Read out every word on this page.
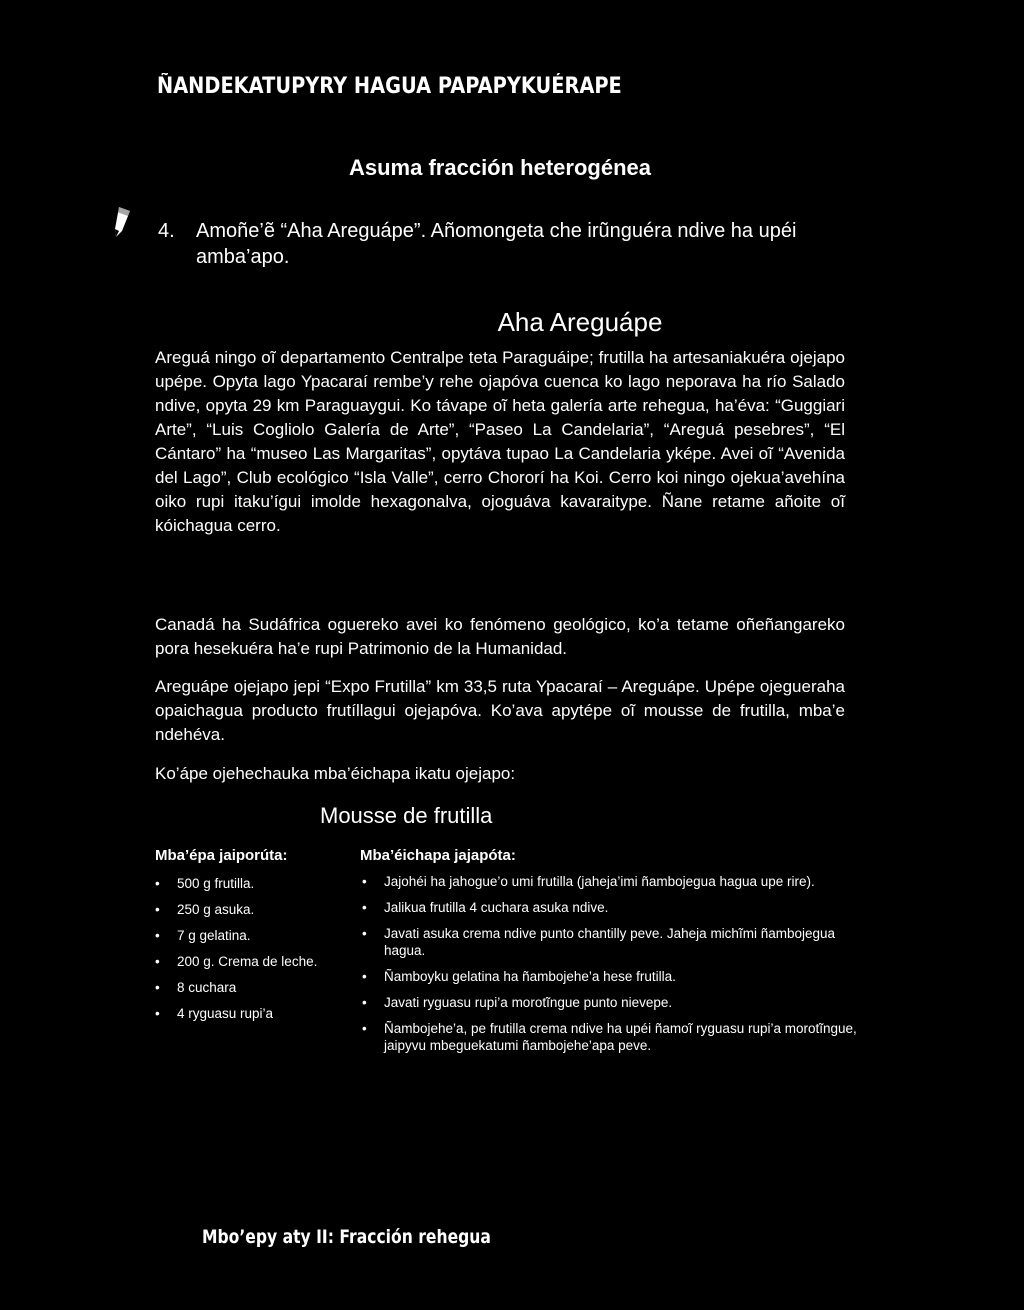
ÑANDEKATUPYRY HAGUA PAPAPYKUÉRAPE
Asuma fracción heterogénea
4. Amoñe’ẽ “Aha Areguápe”. Añomongeta che irũnguéra ndive ha upéi
amba’apo.
Aha Areguápe

Areguá ningo oĩ departamento Centralpe teta Paraguáipe; frutilla ha artesaniakuéra ojejapo upépe. Opyta lago Ypacaraí rembe’y rehe ojapóva cuenca ko lago neporava ha río Salado ndive, opyta 29 km Paraguaygui. Ko távape oĩ heta galería arte rehegua, ha’éva: “Guggiari Arte”, “Luis Cogliolo Galería de Arte”, “Paseo La Candelaria”, “Areguá pesebres”, “El Cántaro” ha “museo Las Margaritas”, opytáva tupao La Candelaria yképe. Avei oĩ “Avenida del Lago”, Club ecológico “Isla Valle”, cerro Chororí ha Koi. Cerro koi ningo ojekua’avehína oiko rupi itaku’ígui imolde hexagonalva, ojoguáva kavaraitype. Ñane retame añoite oĩ kóichagua cerro.

Canadá ha Sudáfrica oguereko avei ko fenómeno geológico, ko’a tetame oñeñangareko pora hesekuéra ha’e rupi Patrimonio de la Humanidad.

Areguápe ojejapo jepi “Expo Frutilla” km 33,5 ruta Ypacaraí – Areguápe. Upépe ojegueraha opaichagua producto frutíllagui ojejapóva. Ko’ava apytépe oĩ mousse de frutilla, mba’e ndehéva.

Ko’ápe ojehechauka mba’éichapa ikatu ojejapo:

Mousse de frutilla
Mba’épa jaiporúta:	Mba’éichapa jajapóta:
• 500 g frutilla.
• 250 g asuka.
• 7 g gelatina.
• 200 g. Crema de leche.
• 8 cuchara
• 4 ryguasu rupi’a
• Jajohéi ha jahogue’o umi frutilla (jaheja’imi ñambojegua hagua upe rire).
• Jalikua frutilla 4 cuchara asuka ndive.
• Javati asuka crema ndive punto chantilly peve. Jaheja michĩmi ñambojegua hagua.
• Ñamboyku gelatina ha ñambojehe’a hese frutilla.
• Javati ryguasu rupi’a morotĩngue punto nievepe.
• Ñambojehe’a, pe frutilla crema ndive ha upéi ñamoĩ ryguasu rupi’a morotĩngue, jaipyvu mbeguekatumi ñambojehe’apa peve.
Mbo’epy aty II: Fracción rehegua
